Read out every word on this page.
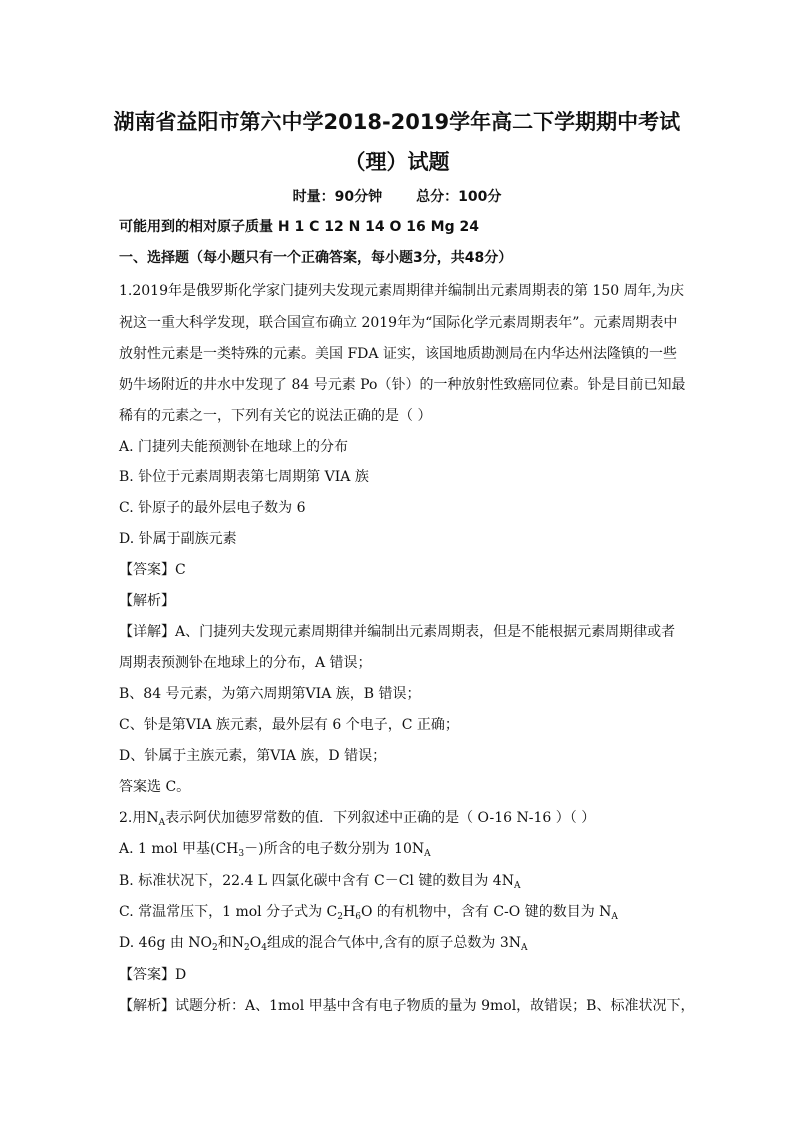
湖南省益阳市第六中学2018-2019学年高二下学期期中考试
（理）试题
时量：90分钟 总分：100分
可能用到的相对原子质量 H 1 C 12 N 14 O 16 Mg 24
一、选择题（每小题只有一个正确答案，每小题3分，共48分）
1.2019年是俄罗斯化学家门捷列夫发现元素周期律并编制出元素周期表的第 150 周年,为庆
祝这一重大科学发现，联合国宣布确立 2019年为“国际化学元素周期表年”。元素周期表中
放射性元素是一类特殊的元素。美国 FDA 证实，该国地质勘测局在内华达州法隆镇的一些
奶牛场附近的井水中发现了 84 号元素 Po（钋）的一种放射性致癌同位素。钋是目前已知最
稀有的元素之一，下列有关它的说法正确的是（ ）
A. 门捷列夫能预测钋在地球上的分布
B. 钋位于元素周期表第七周期第 VIA 族
C. 钋原子的最外层电子数为 6
D. 钋属于副族元素
【答案】C
【解析】
【详解】A、门捷列夫发现元素周期律并编制出元素周期表，但是不能根据元素周期律或者
周期表预测钋在地球上的分布，A 错误；
B、84 号元素，为第六周期第VIA 族，B 错误；
C、钋是第VIA 族元素，最外层有 6 个电子，C 正确；
D、钋属于主族元素，第VIA 族，D 错误；
答案选 C。
2.用$N_A$表示阿伏加德罗常数的值．下列叙述中正确的是（ O-16 N-16 ）（ ）
A. 1 mol 甲基$(CH_3-)$所含的电子数分别为 $10N_A$
B. 标准状况下，22.4 L 四氯化碳中含有 C－Cl 键的数目为 $4N_A$
C. 常温常压下，1 mol 分子式为 $C_2H_6O$ 的有机物中，含有 C-O 键的数目为 $N_A$
D. 46g 由 $NO_2$和$N_2O_4$组成的混合气体中,含有的原子总数为 $3N_A$
【答案】D
【解析】试题分析：A、1mol 甲基中含有电子物质的量为 9mol，故错误；B、标准状况下，
